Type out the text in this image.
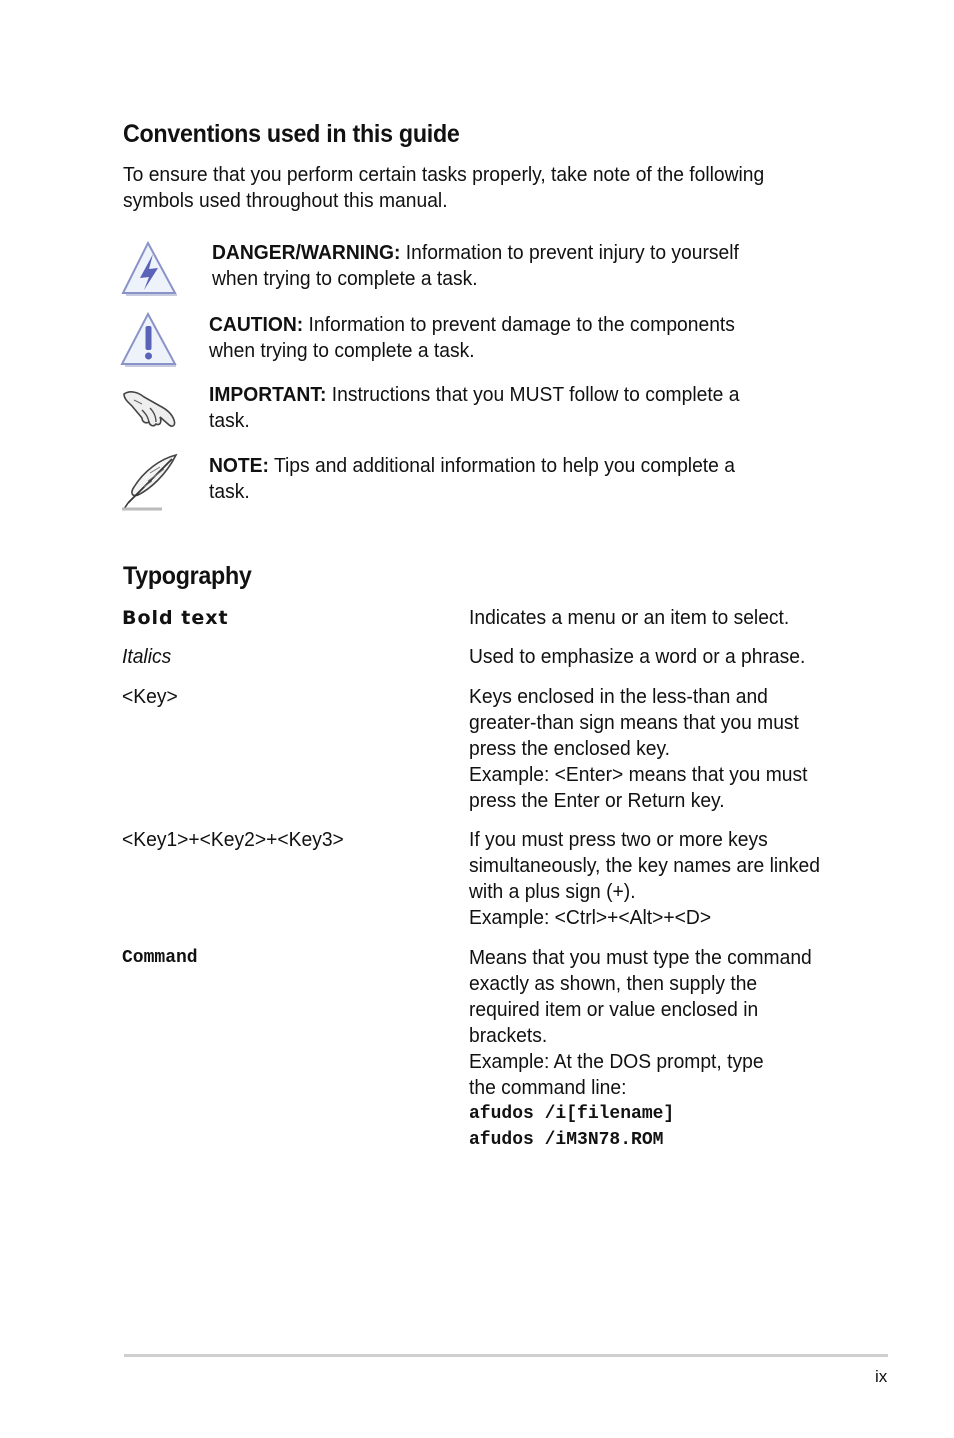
Conventions used in this guide
To ensure that you perform certain tasks properly, take note of the following
symbols used throughout this manual.
DANGER/WARNING: Information to prevent injury to yourself
when trying to complete a task.
CAUTION: Information to prevent damage to the components
when trying to complete a task.
IMPORTANT: Instructions that you MUST follow to complete a
task.
NOTE: Tips and additional information to help you complete a
task.
Typography
Bold text	Indicates a menu or an item to select.
Italics	Used to emphasize a word or a phrase.
<Key>	Keys enclosed in the less-than and
greater-than sign means that you must
press the enclosed key.
Example: <Enter> means that you must
press the Enter or Return key.
<Key1>+<Key2>+<Key3>	If you must press two or more keys
simultaneously, the key names are linked
with a plus sign (+).
Example: <Ctrl>+<Alt>+<D>
Command	Means that you must type the command
exactly as shown, then supply the
required item or value enclosed in
brackets.
Example: At the DOS prompt, type
the command line:
afudos /i[filename]
afudos /iM3N78.ROM
ix
